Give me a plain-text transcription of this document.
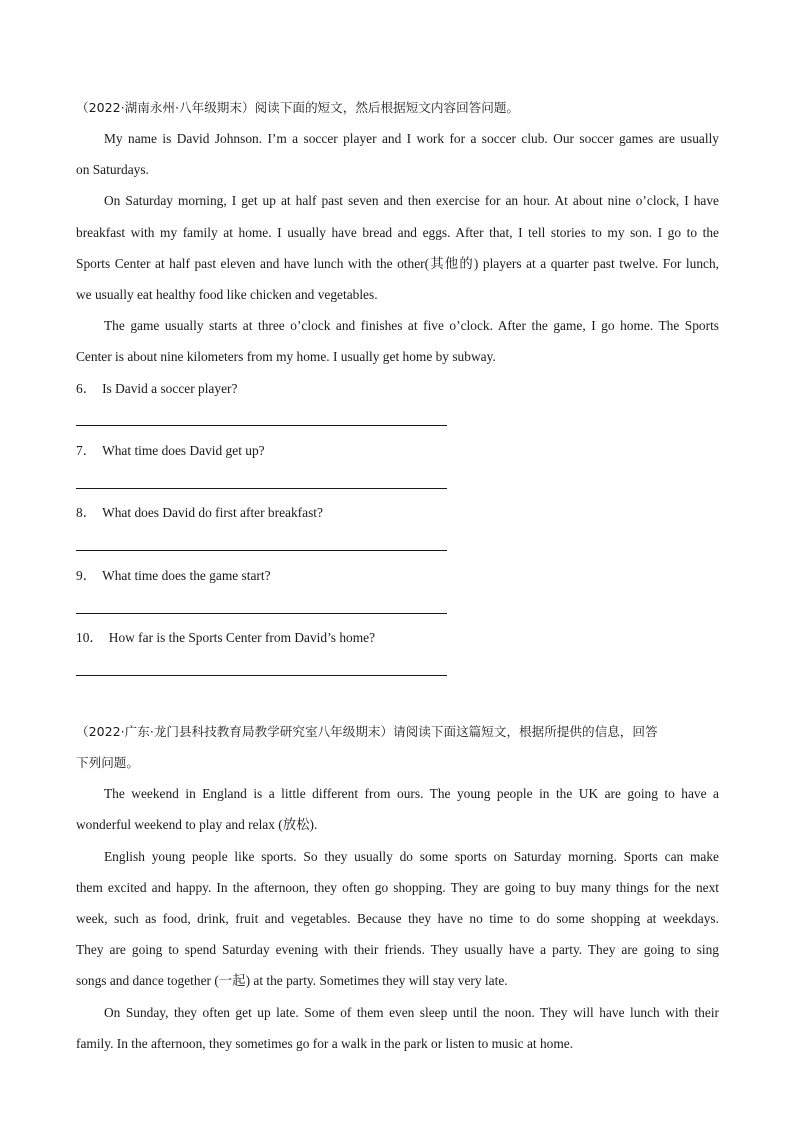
（2022·湖南永州·八年级期末）阅读下面的短文，然后根据短文内容回答问题。
My name is David Johnson. I’m a soccer player and I work for a soccer club. Our soccer games are usually
on Saturdays.
On Saturday morning, I get up at half past seven and then exercise for an hour. At about nine o’clock, I have
breakfast with my family at home. I usually have bread and eggs. After that, I tell stories to my son. I go to the
Sports Center at half past eleven and have lunch with the other(其他的) players at a quarter past twelve. For lunch,
we usually eat healthy food like chicken and vegetables.
The game usually starts at three o’clock and finishes at five o’clock. After the game, I go home. The Sports
Center is about nine kilometers from my home. I usually get home by subway.
6． Is David a soccer player?
7． What time does David get up?
8． What does David do first after breakfast?
9． What time does the game start?
10． How far is the Sports Center from David’s home?
（2022·广东·龙门县科技教育局教学研究室八年级期末）请阅读下面这篇短文，根据所提供的信息，回答
下列问题。
The weekend in England is a little different from ours. The young people in the UK are going to have a
wonderful weekend to play and relax (放松).
English young people like sports. So they usually do some sports on Saturday morning. Sports can make
them excited and happy. In the afternoon, they often go shopping. They are going to buy many things for the next
week, such as food, drink, fruit and vegetables. Because they have no time to do some shopping at weekdays.
They are going to spend Saturday evening with their friends. They usually have a party. They are going to sing
songs and dance together (一起) at the party. Sometimes they will stay very late.
On Sunday, they often get up late. Some of them even sleep until the noon. They will have lunch with their
family. In the afternoon, they sometimes go for a walk in the park or listen to music at home.
